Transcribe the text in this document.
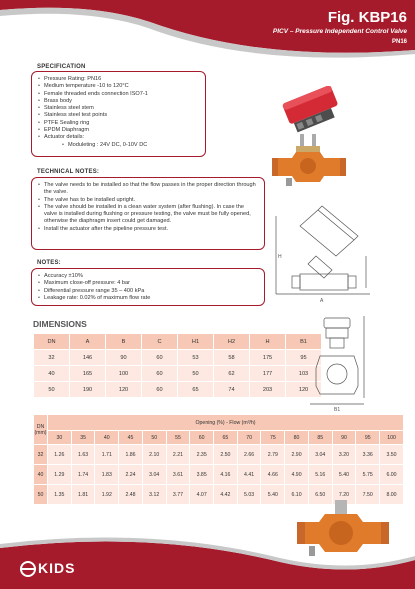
Fig. KBP16
PICV – Pressure Independent Control Valve
PN16
SPECIFICATION
• Pressure Rating: PN16
• Medium temperature -10 to 120°C
• Female threaded ends connection ISO7-1
• Brass body
• Stainless steel stem
• Stainless steel test points
• PTFE Sealing ring
• EPDM Diaphragm
• Actuator details:
• Moduleting : 24V DC, 0-10V DC
TECHNICAL NOTES:
• The valve needs to be installed so that the flow passes in the proper direction through the valve.
• The valve has to be installed upright.
• The valve should be installed in a clean water system (after flushing). In case the valve is installed during flushing or pressure testing, the valve must be fully opened, otherwise the diaphragm insert could get damaged.
• Install the actuator after the pipeline pressure test.
H
A
NOTES:
• Accuracy ±10%
• Maximum close-off pressure: 4 bar
• Differential pressure range 35 – 400 kPa
• Leakage rate: 0.02% of maximum flow rate
DIMENSIONS
DN	A	B	C	H1	H2	H	B1
32	146	90	60	53	58	175	95
40	165	100	60	50	62	177	103
50	190	120	60	65	74	203	120
B1
DN (mm)	Opening (%) - Flow (m³/h)														
	30	35	40	45	50	55	60	65	70	75	80	85	90	95	100
32	1.26	1.63	1.71	1.86	2.10	2.21	2.35	2.50	2.66	2.79	2.90	3.04	3.20	3.36	3.50
40	1.29	1.74	1.83	2.24	3.04	3.61	3.85	4.16	4.41	4.66	4.90	5.16	5.40	5.75	6.00
50	1.35	1.81	1.92	2.48	3.12	3.77	4.07	4.42	5.03	5.40	6.10	6.50	7.20	7.50	8.00
KIDS
